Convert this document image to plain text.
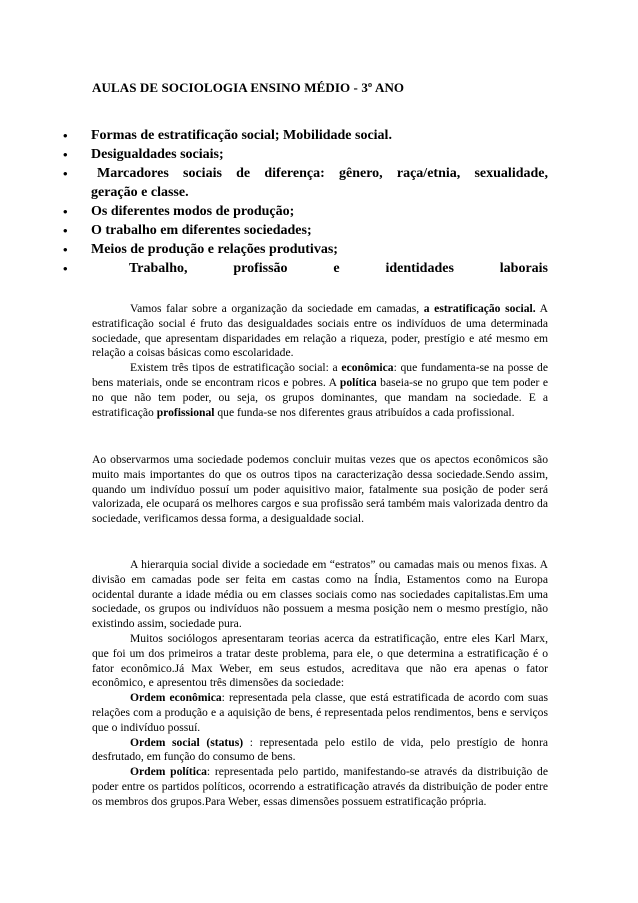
AULAS DE SOCIOLOGIA ENSINO MÉDIO - 3º ANO
• Formas de estratificação social; Mobilidade social.
• Desigualdades sociais;
• Marcadores sociais de diferença: gênero, raça/etnia, sexualidade,
geração e classe.
• Os diferentes modos de produção;
• O trabalho em diferentes sociedades;
• Meios de produção e relações produtivas;
•	Trabalho, profissão e identidades laborais

Vamos falar sobre a organização da sociedade em camadas, a estratificação social. A estratificação social é fruto das desigualdades sociais entre os indivíduos de uma determinada sociedade, que apresentam disparidades em relação a riqueza, poder, prestígio e até mesmo em relação a coisas básicas como escolaridade.

Existem três tipos de estratificação social: a econômica: que fundamenta-se na posse de bens materiais, onde se encontram ricos e pobres. A política baseia-se no grupo que tem poder e no que não tem poder, ou seja, os grupos dominantes, que mandam na sociedade. E a estratificação profissional que funda-se nos diferentes graus atribuídos a cada profissional.

Ao observarmos uma sociedade podemos concluir muitas vezes que os apectos econômicos são muito mais importantes do que os outros tipos na caracterização dessa sociedade.Sendo assim, quando um indivíduo possuí um poder aquisitivo maior, fatalmente sua posição de poder será valorizada, ele ocupará os melhores cargos e sua profissão será também mais valorizada dentro da sociedade, verificamos dessa forma, a desigualdade social.

A hierarquia social divide a sociedade em “estratos” ou camadas mais ou menos fixas. A divisão em camadas pode ser feita em castas como na Índia, Estamentos como na Europa ocidental durante a idade média ou em classes sociais como nas sociedades capitalistas.Em uma sociedade, os grupos ou indivíduos não possuem a mesma posição nem o mesmo prestígio, não existindo assim, sociedade pura.

Muitos sociólogos apresentaram teorias acerca da estratificação, entre eles Karl Marx, que foi um dos primeiros a tratar deste problema, para ele, o que determina a estratificação é o fator econômico.Já Max Weber, em seus estudos, acreditava que não era apenas o fator econômico, e apresentou três dimensões da sociedade:

Ordem econômica: representada pela classe, que está estratificada de acordo com suas relações com a produção e a aquisição de bens, é representada pelos rendimentos, bens e serviços que o indivíduo possuí.

Ordem social (status) : representada pelo estilo de vida, pelo prestígio de honra desfrutado, em função do consumo de bens.

Ordem política: representada pelo partido, manifestando-se através da distribuição de poder entre os partidos políticos, ocorrendo a estratificação através da distribuição de poder entre os membros dos grupos.Para Weber, essas dimensões possuem estratificação própria.
